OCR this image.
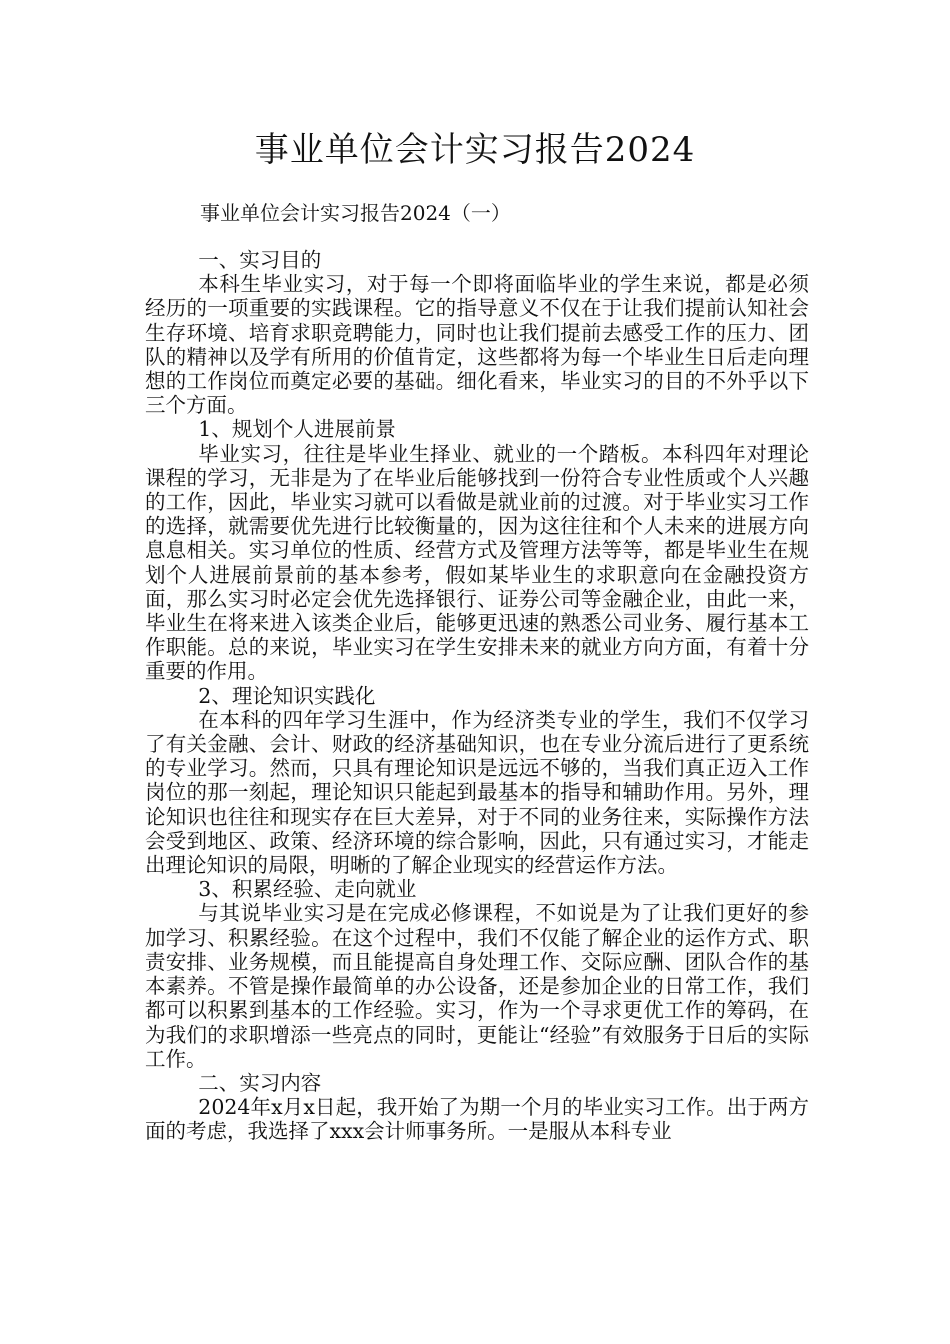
事业单位会计实习报告2024
事业单位会计实习报告2024（一）

一、实习目的

本科生毕业实习，对于每一个即将面临毕业的学生来说，都是必须经历的一项重要的实践课程。它的指导意义不仅在于让我们提前认知社会生存环境、培育求职竞聘能力，同时也让我们提前去感受工作的压力、团队的精神以及学有所用的价值肯定，这些都将为每一个毕业生日后走向理想的工作岗位而奠定必要的基础。细化看来，毕业实习的目的不外乎以下三个方面。

1、规划个人进展前景

毕业实习，往往是毕业生择业、就业的一个踏板。本科四年对理论课程的学习，无非是为了在毕业后能够找到一份符合专业性质或个人兴趣的工作，因此，毕业实习就可以看做是就业前的过渡。对于毕业实习工作的选择，就需要优先进行比较衡量的，因为这往往和个人未来的进展方向息息相关。实习单位的性质、经营方式及管理方法等等，都是毕业生在规划个人进展前景前的基本参考，假如某毕业生的求职意向在金融投资方面，那么实习时必定会优先选择银行、证券公司等金融企业，由此一来，毕业生在将来进入该类企业后，能够更迅速的熟悉公司业务、履行基本工作职能。总的来说，毕业实习在学生安排未来的就业方向方面，有着十分重要的作用。

2、理论知识实践化

在本科的四年学习生涯中，作为经济类专业的学生，我们不仅学习了有关金融、会计、财政的经济基础知识，也在专业分流后进行了更系统的专业学习。然而，只具有理论知识是远远不够的，当我们真正迈入工作岗位的那一刻起，理论知识只能起到最基本的指导和辅助作用。另外，理论知识也往往和现实存在巨大差异，对于不同的业务往来，实际操作方法会受到地区、政策、经济环境的综合影响，因此，只有通过实习，才能走出理论知识的局限，明晰的了解企业现实的经营运作方法。

3、积累经验、走向就业

与其说毕业实习是在完成必修课程，不如说是为了让我们更好的参加学习、积累经验。在这个过程中，我们不仅能了解企业的运作方式、职责安排、业务规模，而且能提高自身处理工作、交际应酬、团队合作的基本素养。不管是操作最简单的办公设备，还是参加企业的日常工作，我们都可以积累到基本的工作经验。实习，作为一个寻求更优工作的筹码，在为我们的求职增添一些亮点的同时，更能让“经验”有效服务于日后的实际工作。

二、实习内容

2024年x月x日起，我开始了为期一个月的毕业实习工作。出于两方面的考虑，我选择了xxx会计师事务所。一是服从本科专业
